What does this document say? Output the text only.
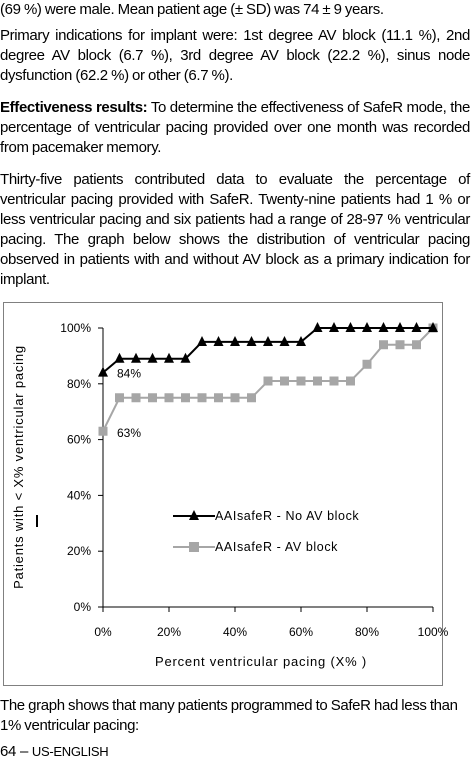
(69 %) were male. Mean patient age (± SD) was 74 ± 9 years.

Primary indications for implant were: 1st degree AV block (11.1 %), 2nd degree AV block (6.7 %), 3rd degree AV block (22.2 %), sinus node dysfunction (62.2 %) or other (6.7 %).

Effectiveness results: To determine the effectiveness of SafeR mode, the percentage of ventricular pacing provided over one month was recorded from pacemaker memory.

Thirty-five patients contributed data to evaluate the percentage of ventricular pacing provided with SafeR. Twenty-nine patients had 1 % or less ventricular pacing and six patients had a range of 28-97 % ventricular pacing. The graph below shows the distribution of ventricular pacing observed in patients with and without AV block as a primary indication for implant.

0%
20%
40%
60%
80%
100%
0%	20%	40%	60%	80%	100%
84%
63%
Patients with < X% ventricular pacing
Percent ventricular pacing (X% )
AAIsafeR - No AV block
AAIsafeR - AV block

The graph shows that many patients programmed to SafeR had less than 1% ventricular pacing:

64 – US-ENGLISH
